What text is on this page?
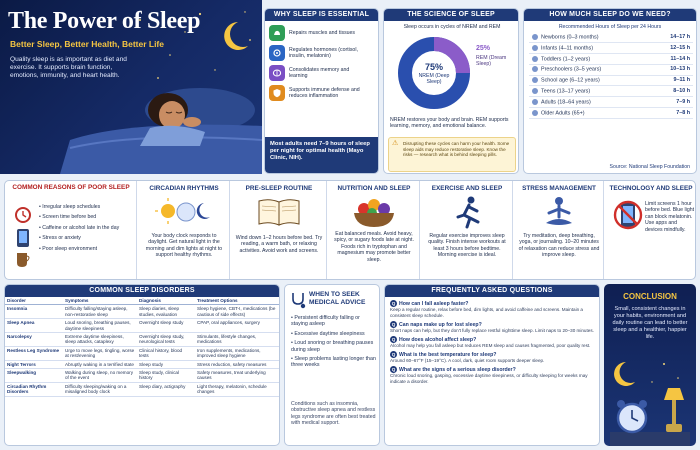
The Power of Sleep
Better Sleep, Better Health, Better Life
Quality sleep is as important as diet and exercise. It supports brain function, emotions, immunity, and heart health.
WHY SLEEP IS ESSENTIAL
Repairs muscles and tissues
Regulates hormones (cortisol, insulin, melatonin)
Consolidates memory and learning
Supports immune defense and reduces inflammation
Most adults need 7–9 hours of sleep per night for optimal health (Mayo Clinic, NIH).
THE SCIENCE OF SLEEP
Sleep occurs in cycles of NREM and REM
75%
NREM (Deep Sleep)
25%
REM (Dream Sleep)
NREM restores your body and brain. REM supports learning, memory, and emotional balance.
⚠ Disrupting these cycles can harm your health. Some sleep aids may reduce restorative sleep. Know the risks — research what is behind sleeping pills.
HOW MUCH SLEEP DO WE NEED?
Recommended Hours of Sleep per 24 Hours
Newborns (0–3 months)	14–17 h
Infants (4–11 months)	12–15 h
Toddlers (1–2 years)	11–14 h
Preschoolers (3–5 years)	10–13 h
School age (6–12 years)	9–11 h
Teens (13–17 years)	8–10 h
Adults (18–64 years)	7–9 h
Older Adults (65+)	7–8 h
Source: National Sleep Foundation
COMMON REASONS OF POOR SLEEP
• Irregular sleep schedules
• Screen time before bed
• Caffeine or alcohol late in the day
• Stress or anxiety
• Poor sleep environment
CIRCADIAN RHYTHMS
Your body clock responds to daylight. Get natural light in the morning and dim lights at night to support healthy rhythms.
PRE-SLEEP ROUTINE
Wind down 1–2 hours before bed. Try reading, a warm bath, or relaxing activities. Avoid work and screens.
NUTRITION AND SLEEP
Eat balanced meals. Avoid heavy, spicy, or sugary foods late at night. Foods rich in tryptophan and magnesium may promote better sleep.
EXERCISE AND SLEEP
Regular exercise improves sleep quality. Finish intense workouts at least 3 hours before bedtime. Morning exercise is ideal.
STRESS MANAGEMENT
Try meditation, deep breathing, yoga, or journaling. 10–20 minutes of relaxation can reduce stress and improve sleep.
TECHNOLOGY AND SLEEP
Limit screens 1 hour before bed. Blue light can block melatonin. Use apps and devices mindfully.
COMMON SLEEP DISORDERS
Disorder	Symptoms	Diagnosis	Treatment Options
Insomnia	Difficulty falling/staying asleep, non-restorative sleep	Sleep diaries, sleep studies, evaluation	Sleep hygiene, CBT-I, medications (be cautious of side effects)
Sleep Apnea	Loud snoring, breathing pauses, daytime sleepiness	Overnight sleep study	CPAP, oral appliances, surgery
Narcolepsy	Extreme daytime sleepiness, sleep attacks, cataplexy	Overnight sleep study, neurological tests	Stimulants, lifestyle changes, medications
Restless Leg Syndrome	Urge to move legs, tingling, worse at rest/evening	Clinical history, blood tests	Iron supplements, medications, improved sleep hygiene
Night Terrors	Abruptly waking in a terrified state	Sleep study	Stress reduction, safety measures
Sleepwalking	Walking during sleep, no memory of the event	Sleep study, clinical history	Safety measures, treat underlying causes
Circadian Rhythm Disorders	Difficulty sleeping/waking on a misaligned body clock	Sleep diary, actigraphy	Light therapy, melatonin, schedule changes
WHEN TO SEEK MEDICAL ADVICE
• Persistent difficulty falling or staying asleep
• Excessive daytime sleepiness
• Loud snoring or breathing pauses during sleep
• Sleep problems lasting longer than three weeks
Conditions such as insomnia, obstructive sleep apnea and restless legs syndrome are often best treated with medical support.
FREQUENTLY ASKED QUESTIONS
Q How can I fall asleep faster?
Keep a regular routine, relax before bed, dim lights, and avoid caffeine and screens. Maintain a consistent sleep schedule.
Q Can naps make up for lost sleep?
Short naps can help, but they don't fully replace restful nighttime sleep. Limit naps to 20–30 minutes.
Q How does alcohol affect sleep?
Alcohol may help you fall asleep but reduces REM sleep and causes fragmented, poor quality rest.
Q What is the best temperature for sleep?
Around 60–67°F (15–19°C). A cool, dark, quiet room supports deeper sleep.
Q What are the signs of a serious sleep disorder?
Chronic loud snoring, gasping, excessive daytime sleepiness, or difficulty sleeping for weeks may indicate a disorder.
CONCLUSION
Small, consistent changes in your habits, environment and daily routine can lead to better sleep and a healthier, happier life.
